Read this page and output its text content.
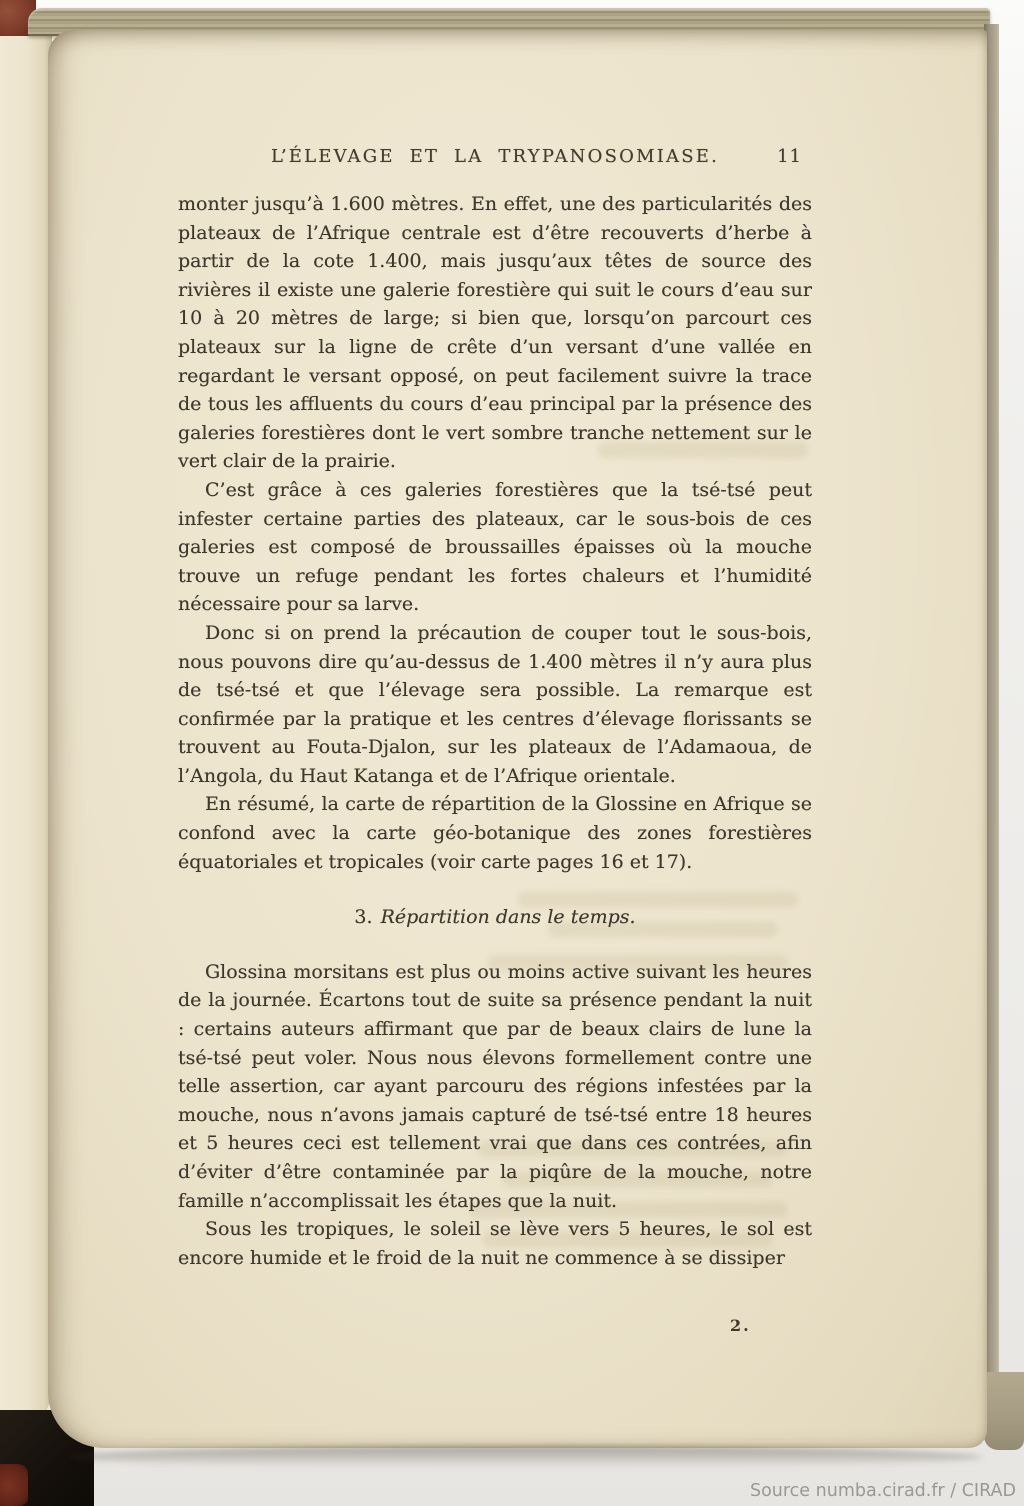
L’ÉLEVAGE ET LA TRYPANOSOMIASE.	11

monter jusqu’à 1.600 mètres. En effet, une des particularités des plateaux de l’Afrique centrale est d’être recouverts d’herbe à partir de la cote 1.400, mais jusqu’aux têtes de source des rivières il existe une galerie forestière qui suit le cours d’eau sur 10 à 20 mètres de large; si bien que, lorsqu’on parcourt ces plateaux sur la ligne de crête d’un versant d’une vallée en regardant le versant opposé, on peut facilement suivre la trace de tous les affluents du cours d’eau principal par la présence des galeries forestières dont le vert sombre tranche nettement sur le vert clair de la prairie.

C’est grâce à ces galeries forestières que la tsé-tsé peut infester certaine parties des plateaux, car le sous-bois de ces galeries est composé de broussailles épaisses où la mouche trouve un refuge pendant les fortes chaleurs et l’humidité nécessaire pour sa larve.

Donc si on prend la précaution de couper tout le sous-bois, nous pouvons dire qu’au-dessus de 1.400 mètres il n’y aura plus de tsé-tsé et que l’élevage sera possible. La remarque est confirmée par la pratique et les centres d’élevage florissants se trouvent au Fouta-Djalon, sur les plateaux de l’Adamaoua, de l’Angola, du Haut Katanga et de l’Afrique orientale.

En résumé, la carte de répartition de la Glossine en Afrique se confond avec la carte géo-botanique des zones forestières équatoriales et tropicales (voir carte pages 16 et 17).

3. Répartition dans le temps.

Glossina morsitans est plus ou moins active suivant les heures de la journée. Écartons tout de suite sa présence pendant la nuit : certains auteurs affirmant que par de beaux clairs de lune la tsé-tsé peut voler. Nous nous élevons formellement contre une telle assertion, car ayant parcouru des régions infestées par la mouche, nous n’avons jamais capturé de tsé-tsé entre 18 heures et 5 heures ceci est tellement vrai que dans ces contrées, afin d’éviter d’être contaminée par la piqûre de la mouche, notre famille n’accomplissait les étapes que la nuit.

Sous les tropiques, le soleil se lève vers 5 heures, le sol est encore humide et le froid de la nuit ne commence à se dissiper

2.
Source numba.cirad.fr / CIRAD
